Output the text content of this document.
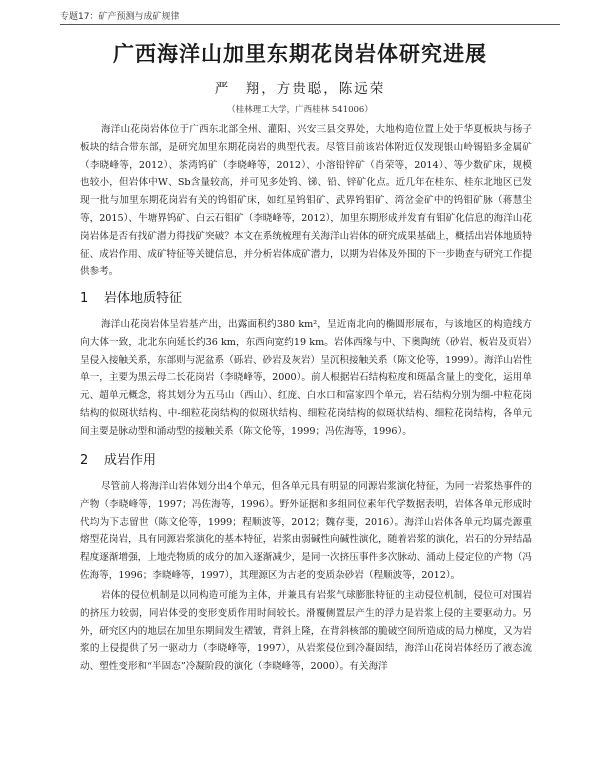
专题17：矿产预测与成矿规律
广西海洋山加里东期花岗岩体研究进展
严　翔，方贵聪，陈远荣
（桂林理工大学，广西桂林 541006）

海洋山花岗岩体位于广西东北部全州、灌阳、兴安三县交界处，大地构造位置上处于华夏板块与扬子板块的结合带东部，是研究加里东期花岗岩的典型代表。尽管目前该岩体附近仅发现银山岭锡铅多金属矿（李晓峰等，2012）、茶湾钨矿（李晓峰等，2012）、小溶铅锌矿（肖荣等，2014）、等少数矿床，规模也较小，但岩体中W、Sb含量较高，并可见多处钨、锑、铅、锌矿化点。近几年在桂东、桂东北地区已发现一批与加里东期花岗岩有关的钨钼矿床，如红星钨钼矿、武界钨钼矿、湾岔金矿中的钨钼矿脉（蒋慧尘等，2015）、牛塘界钨矿、白云石钼矿（李晓峰等，2012），加里东期形成并发育有钼矿化信息的海洋山花岗岩体是否有找矿潜力得找矿突破？本文在系统梳理有关海洋山岩体的研究成果基础上，概括出岩体地质特征、成岩作用、成矿特征等关键信息，并分析岩体成矿潜力，以期为岩体及外围的下一步勘查与研究工作提供参考。

1 岩体地质特征

海洋山花岗岩体呈岩基产出，出露面积约380 km²，呈近南北向的椭圆形展布，与该地区的构造线方向大体一致，北北东向延长约36 km，东西向宽约19 km。岩体西缘与中、下奥陶统（砂岩、板岩及页岩）呈侵入接触关系，东部则与泥盆系（砾岩、砂岩及灰岩）呈沉积接触关系（陈文伦等，1999）。海洋山岩性单一，主要为黑云母二长花岗岩（李晓峰等，2000）。前人根据岩石结构粒度和斑晶含量上的变化，运用单元、超单元概念，将其划分为五马山（西山）、红庞、白水口和富家四个单元，岩石结构分别为细-中粒花岗结构的似斑状结构、中-细粒花岗结构的似斑状结构、细粒花岗结构的似斑状结构、细粒花岗结构，各单元间主要是脉动型和涌动型的接触关系（陈文伦等，1999；冯佐海等，1996）。

2 成岩作用

尽管前人将海洋山岩体划分出4个单元，但各单元具有明显的同源岩浆演化特征，为同一岩浆热事件的产物（李晓峰等，1997；冯佐海等，1996）。野外证据和多组同位素年代学数据表明，岩体各单元形成时代均为下志留世（陈文伦等，1999；程顺波等，2012；魏存斐，2016）。海洋山岩体各单元均属壳源重熔型花岗岩，具有同源岩浆演化的基本特征，岩浆由弱碱性向碱性演化，随着岩浆的演化，岩石的分异结晶程度逐渐增强，上地壳物质的成分的加入逐渐减少，是同一次挤压事件多次脉动、涌动上侵定位的产物（冯佐海等，1996；李晓峰等，1997），其理源区为古老的变质杂砂岩（程顺波等，2012）。

岩体的侵位机制是以同构造可能为主体，并兼具有岩浆气球膨胀特征的主动侵位机制，侵位可对围岩的挤压力较弱，同岩体受的变形变质作用时间较长。滑覆侧置层产生的浮力是岩浆上侵的主要驱动力。另外，研究区内的地层在加里东期间发生褶皱，背斜上隆，在背斜核部的脆破空间所造成的局力梯度，又为岩浆的上侵提供了另一驱动力（李晓峰等，1997），从岩浆侵位到冷凝固结，海洋山花岗岩体经历了液态流动、塑性变形和“半固态”冷凝阶段的演化（李晓峰等，2000）。有关海洋
